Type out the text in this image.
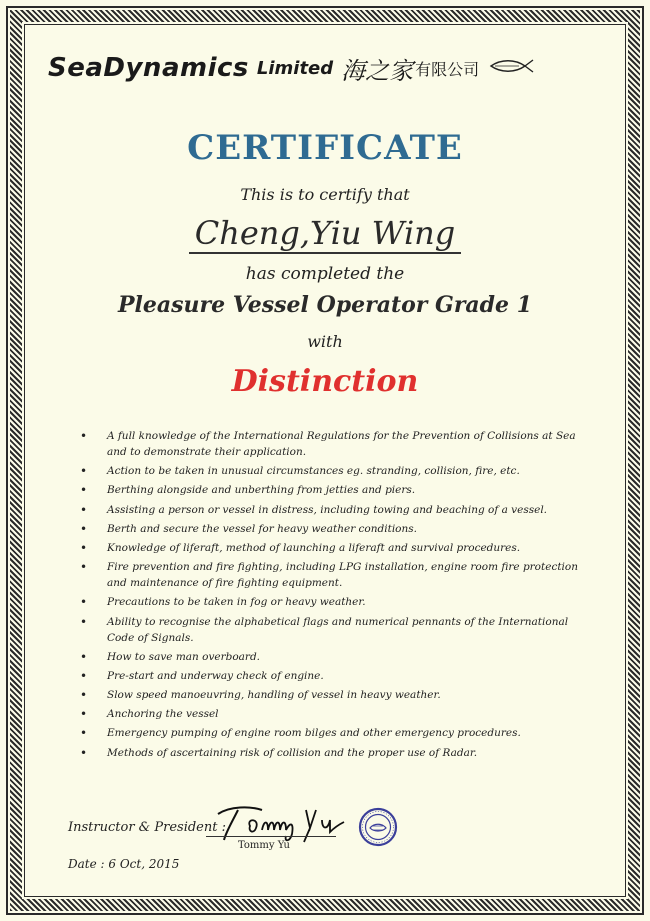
SeaDynamics Limited 海之家 有限公司
CERTIFICATE
This is to certify that
Cheng,Yiu Wing
has completed the
Pleasure Vessel Operator Grade 1
with
Distinction
• A full knowledge of the International Regulations for the Prevention of Collisions at Sea and to demonstrate their application.
• Action to be taken in unusual circumstances eg. stranding, collision, fire, etc.
• Berthing alongside and unberthing from jetties and piers.
• Assisting a person or vessel in distress, including towing and beaching of a vessel.
• Berth and secure the vessel for heavy weather conditions.
• Knowledge of liferaft, method of launching a liferaft and survival procedures.
• Fire prevention and fire fighting, including LPG installation, engine room fire protection and maintenance of fire fighting equipment.
• Precautions to be taken in fog or heavy weather.
• Ability to recognise the alphabetical flags and numerical pennants of the International Code of Signals.
• How to save man overboard.
• Pre-start and underway check of engine.
• Slow speed manoeuvring, handling of vessel in heavy weather.
• Anchoring the vessel
• Emergency pumping of engine room bilges and other emergency procedures.
• Methods of ascertaining risk of collision and the proper use of Radar.
Instructor & President :
Tommy Yu
Date : 6 Oct, 2015
